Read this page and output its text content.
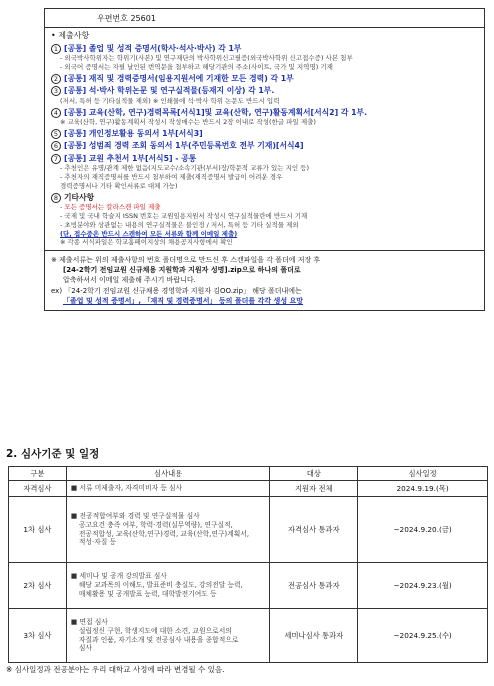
우편번호 25601
• 제출사항
1 [공통] 졸업 및 성적 증명서(학사·석사·박사) 각 1부
- 외국박사학위자는 학위기(사본) 및 연구재단의 박사학위신고필증(외국박사학위 신고접수증) 사본 첨부
- 외국어 증명서는 자필 날인된 번역문을 첨부하고 해당기관의 주소(사이트, 국가 및 지역명) 기재
2 [공통] 재직 및 경력증명서(임용지원서에 기재한 모든 경력) 각 1부
3 [공통] 석·박사 학위논문 및 연구실적물(등재지 이상) 각 1부.
(저서, 특허 등 기타실적물 제외) ※ 인쇄물에 석·박사 학위 논문도 반드시 입력
4 [공통] 교육(산학, 연구)경력목록[서식1]및 교육(산학, 연구)활동계획서[서식2] 각 1부.
※ 교육(산학, 연구)활동계획서 작성시 작성매수는 반드시 2장 이내로 작성(한글 파일 제출)
5 [공통] 개인정보활용 동의서 1부[서식3]
6 [공통] 성범죄 경력 조회 동의서 1부(주민등록번호 전부 기재)[서식4]
7 [공통] 교원 추천서 1부[서식5] - 공통
- 추천인은 유명/관계 제한 없음(지도교수/소속기관(부서)장/학문적 교류가 있는 지인 등)
- 추천자의 재직증명서를 반드시 첨부하여 제출(재직증명서 발급이 어려운 경우
경력증명서나 기타 확인서류로 대체 가능)
8 기타사항
- 모든 증명서는 칼라스캔 파일 제출
- 국제 및 국내 학술지 ISSN 번호는 교원임용지원서 작성시 연구실적물란에 반드시 기재
- 초빙분야와 상관없는 내용의 연구실적물은 불인정 / 저서, 특허 등 기타 실적물 제외
(단, 접수중은 반드시 스캔하여 모든 서류와 함께 이메일 제출)
※ 각종 서식파일은 학교홈페이지상의 채용공지사항에서 확인
※ 제출서류는 위의 제출사항의 번호 폴더명으로 만드신 후 스캔파일을 각 폴더에 저장 후
[24-2학기 전임교원 신규채용 지원학과 지원자 성명].zip으로 하나의 폴더로
압축하셔서 이메일 제출해 주시기 바랍니다.
ex) 「24-2학기 전임교원 신규채용 경영학과 지원자 김OO.zip」 해당 폴더내에는
「졸업 및 성적 증명서」, 「재직 및 경력증명서」 등의 폴더를 각각 생성 요망
2. 심사기준 및 일정
구분	심사내용	대상	심사일정
자격심사	■ 서류 미제출자, 자격미비자 등 심사	지원자 전체	2024.9.19.(목)
1차 심사	■ 전공적합여부와 경력 및 연구실적물 심사
공고요건 충족 여부, 학력·경력(실무역량), 연구실적,
전공적합성, 교육(산학,연구)경력, 교육(산학,연구)계획서,
적성·자질 등	자격심사 통과자	~2024.9.20.(금)
2차 심사	■ 세미나 및 공개 강의발표 심사
해당 교과목의 이해도, 발표준비 충실도, 강의전달 능력,
매체활용 및 공개발표 능력, 대학발전기여도 등	전공심사 통과자	~2024.9.23.(월)
3차 심사	■ 면접 심사
설립정신 구현, 학생지도에 대한 소견, 교원으로서의
자질과 인품, 자기소개 및 전공심사 내용을 종합적으로
심사	세미나심사 통과자	~2024.9.25.(수)
※ 심사일정과 전공분야는 우리 대학교 사정에 따라 변경될 수 있음.
